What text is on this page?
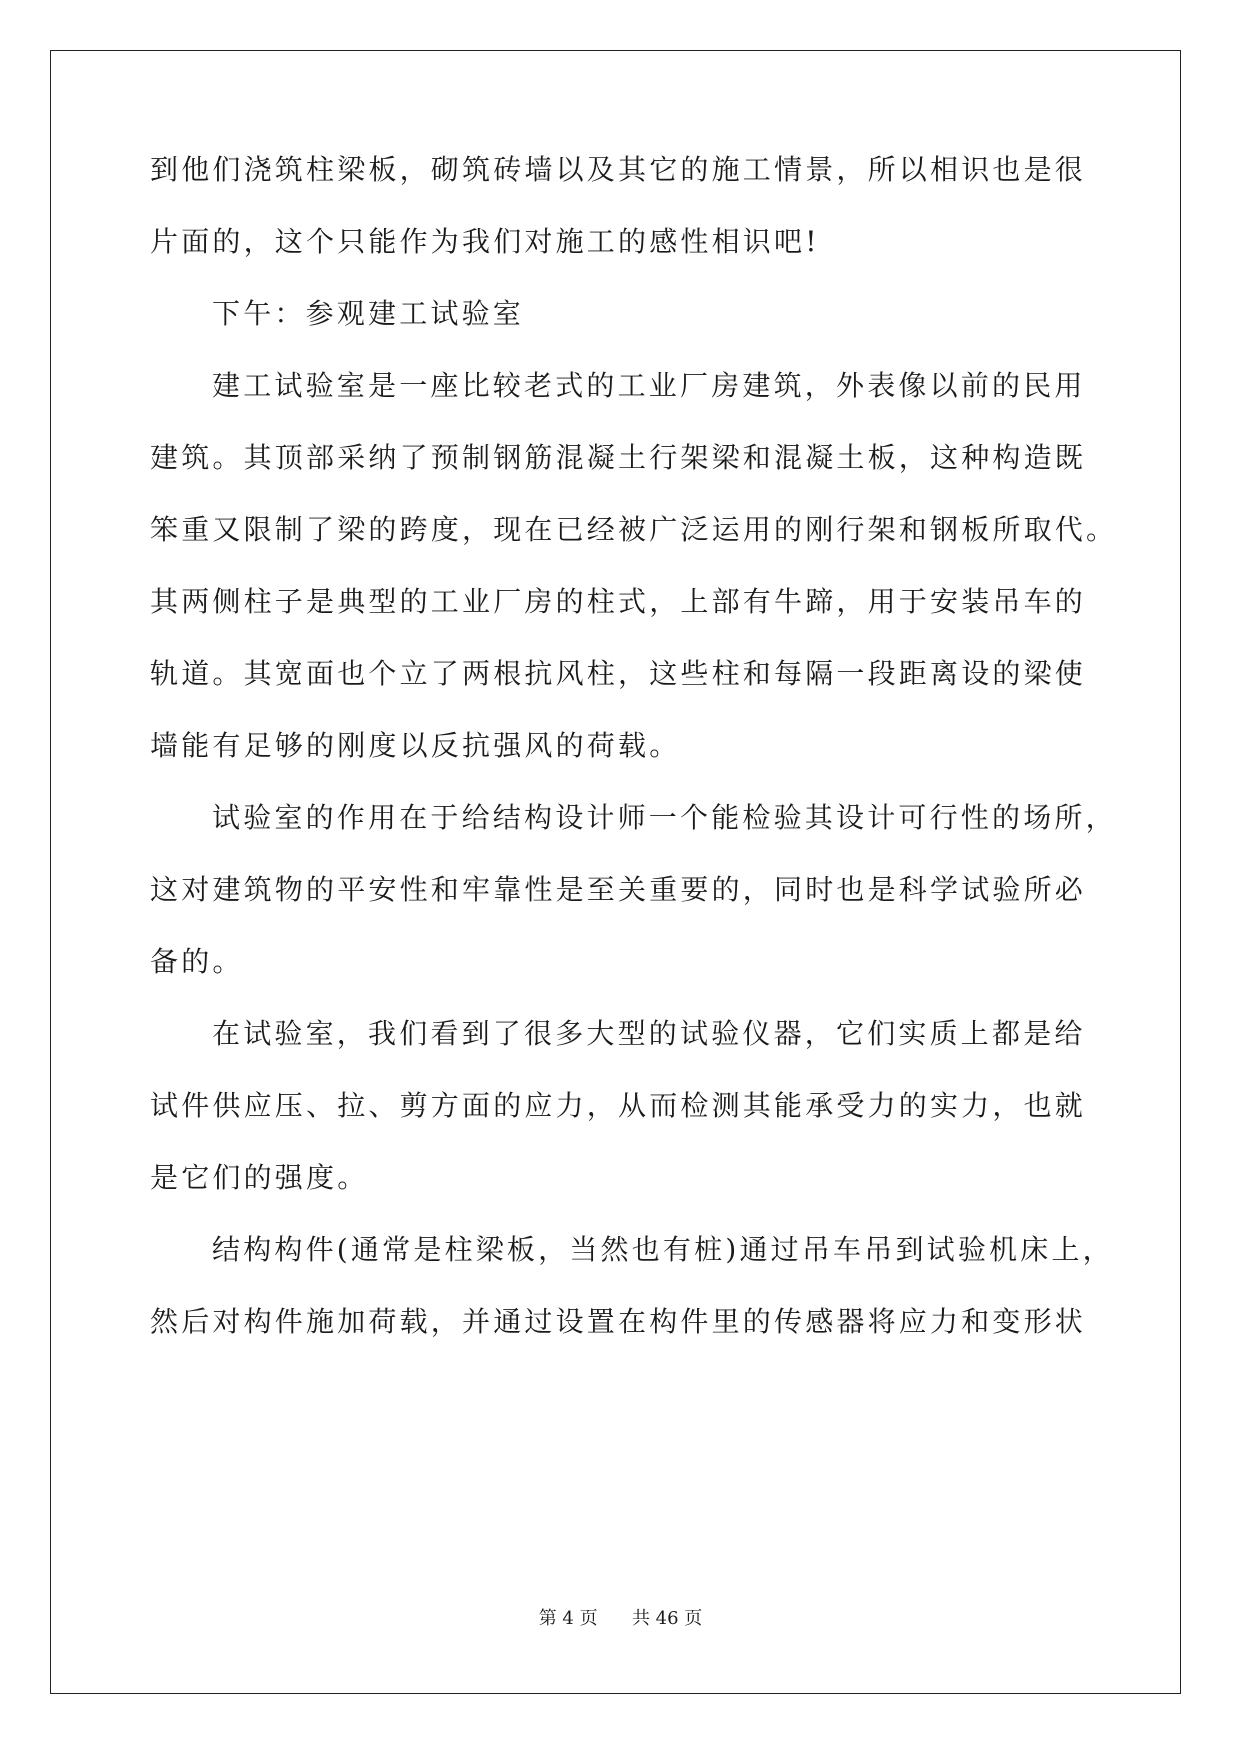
到他们浇筑柱梁板，砌筑砖墙以及其它的施工情景，所以相识也是很

片面的，这个只能作为我们对施工的感性相识吧!

下午：参观建工试验室

建工试验室是一座比较老式的工业厂房建筑，外表像以前的民用

建筑。其顶部采纳了预制钢筋混凝土行架梁和混凝土板，这种构造既

笨重又限制了梁的跨度，现在已经被广泛运用的刚行架和钢板所取代。

其两侧柱子是典型的工业厂房的柱式，上部有牛蹄，用于安装吊车的

轨道。其宽面也个立了两根抗风柱，这些柱和每隔一段距离设的梁使

墙能有足够的刚度以反抗强风的荷载。

试验室的作用在于给结构设计师一个能检验其设计可行性的场所，

这对建筑物的平安性和牢靠性是至关重要的，同时也是科学试验所必

备的。

在试验室，我们看到了很多大型的试验仪器，它们实质上都是给

试件供应压、拉、剪方面的应力，从而检测其能承受力的实力，也就

是它们的强度。

结构构件(通常是柱梁板，当然也有桩)通过吊车吊到试验机床上，

然后对构件施加荷载，并通过设置在构件里的传感器将应力和变形状

第 4 页 共 46 页
